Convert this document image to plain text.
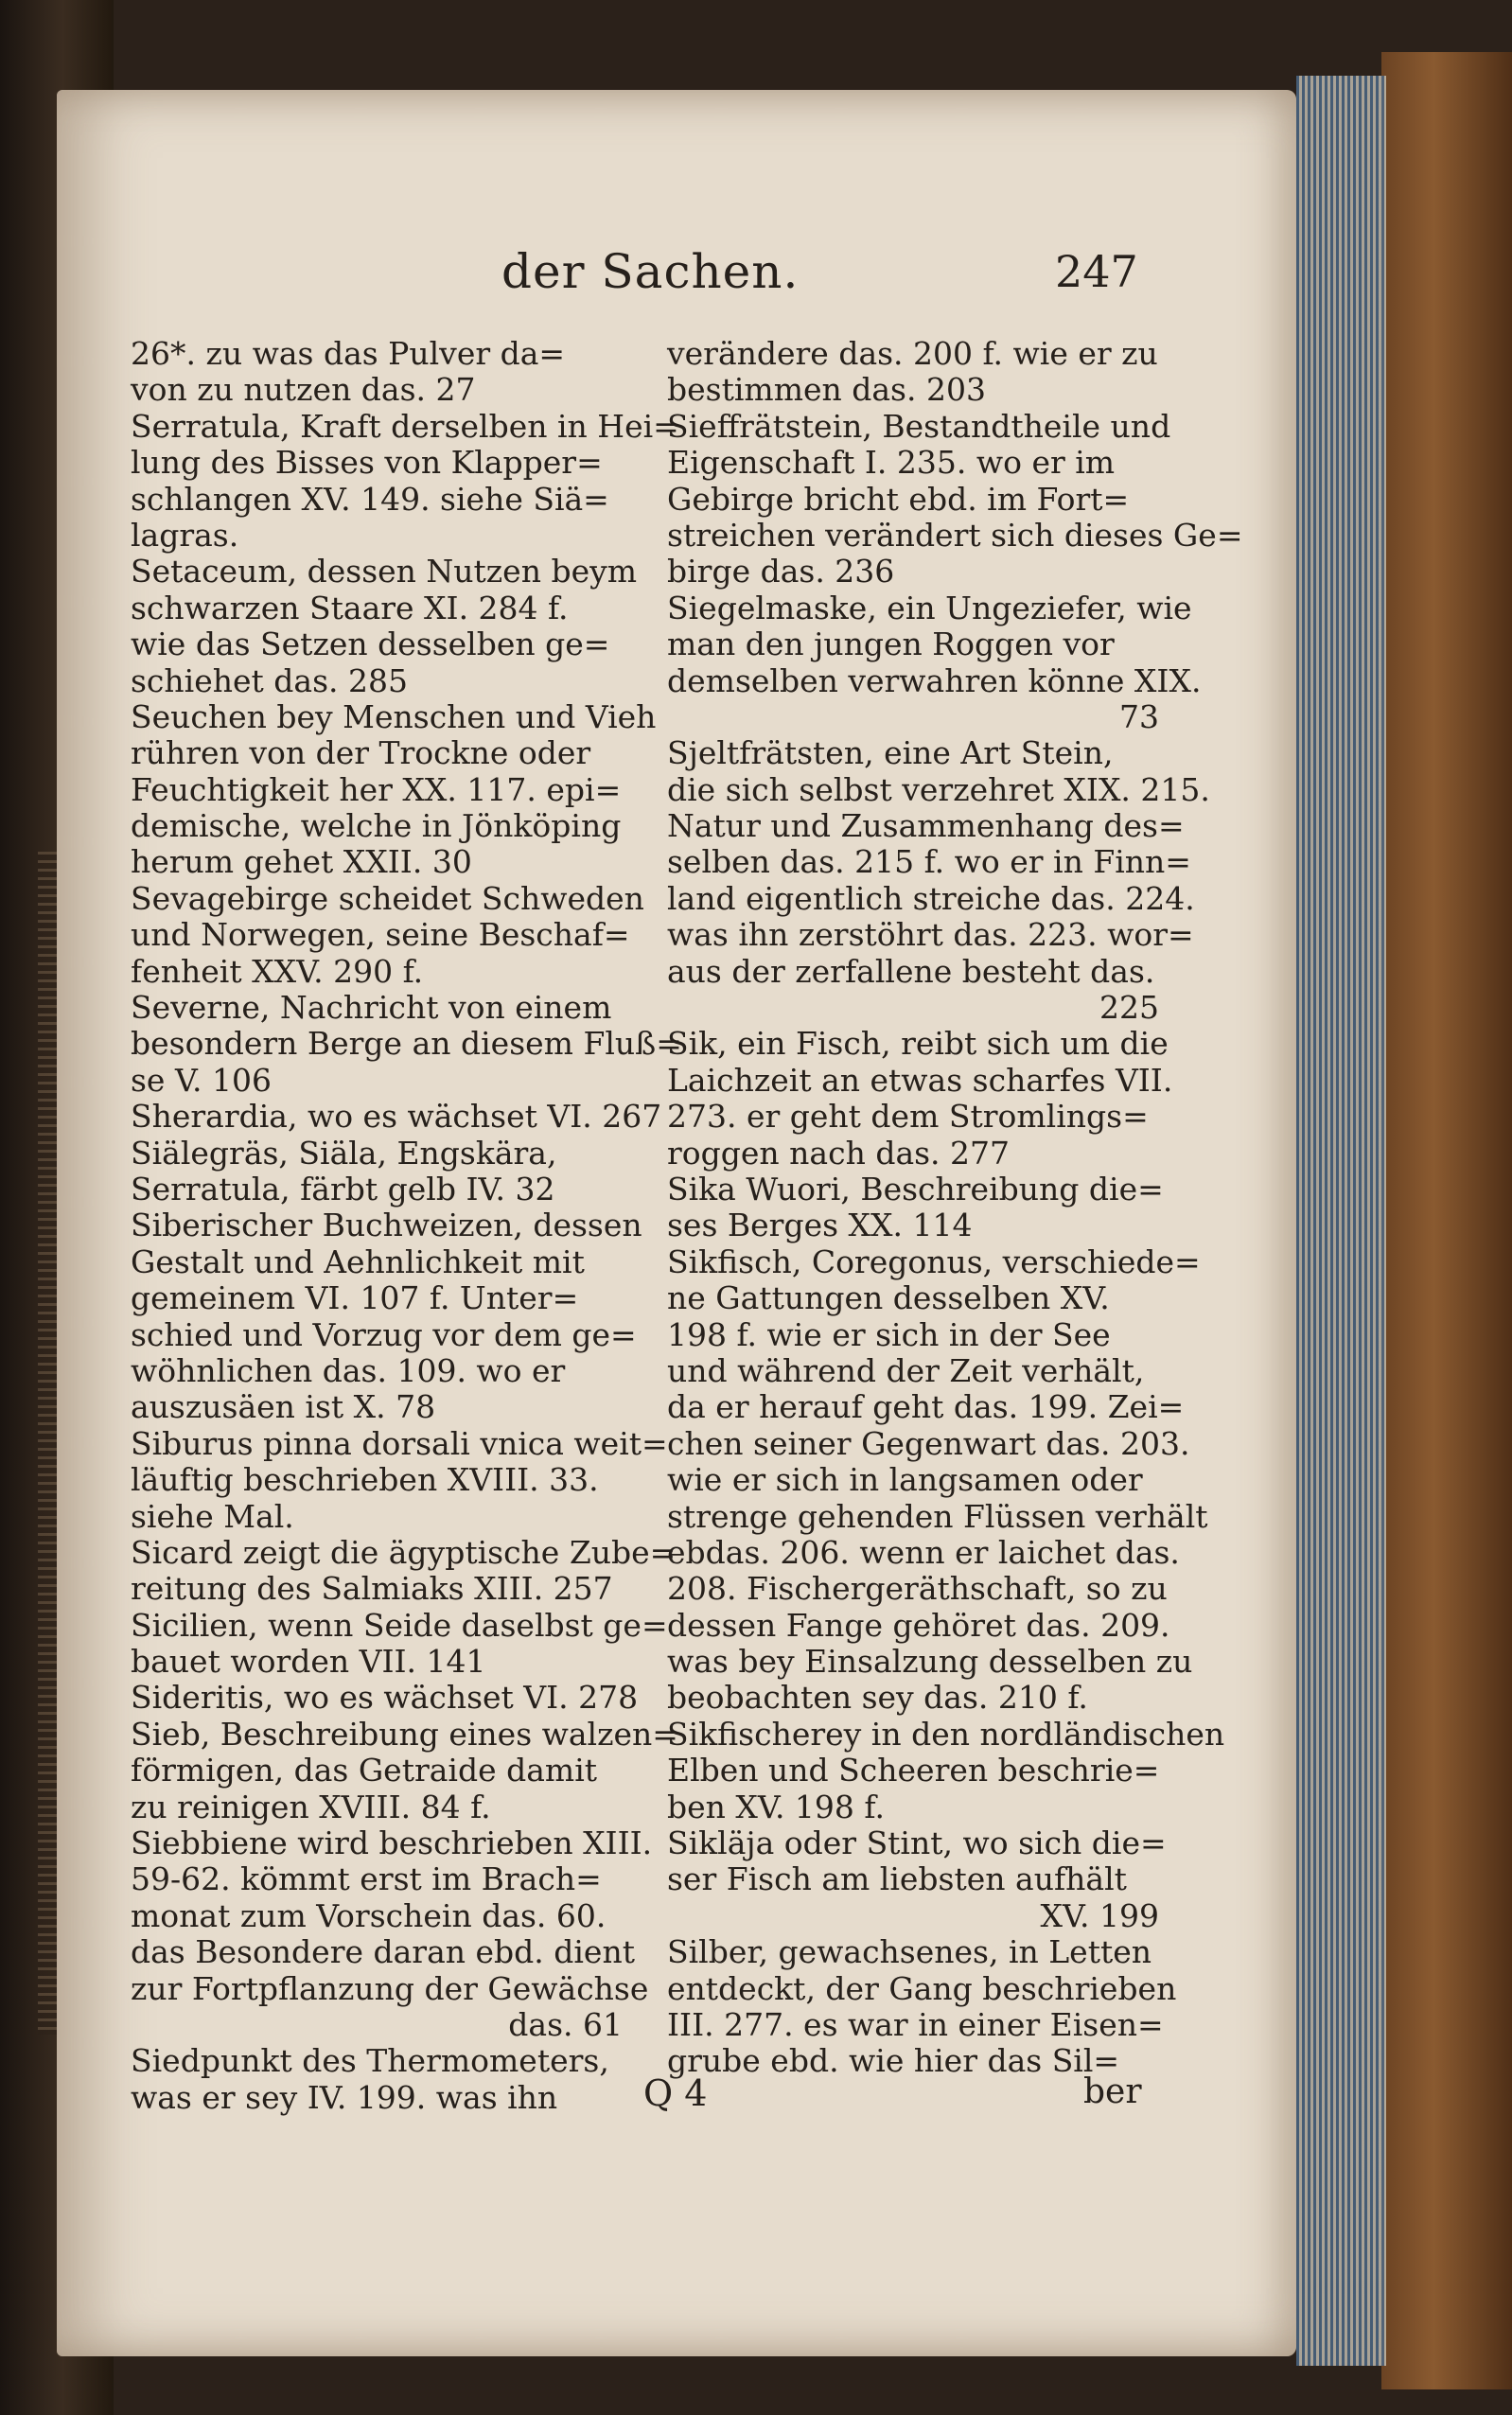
der Sachen.	247
26*. zu was das Pulver da=
von zu nutzen das. 27
Serratula, Kraft derselben in Hei=
lung des Bisses von Klapper=
schlangen XV. 149. siehe Siä=
lagras.
Setaceum, dessen Nutzen beym
schwarzen Staare XI. 284 f.
wie das Setzen desselben ge=
schiehet das. 285
Seuchen bey Menschen und Vieh
rühren von der Trockne oder
Feuchtigkeit her XX. 117. epi=
demische, welche in Jönköping
herum gehet XXII. 30
Sevagebirge scheidet Schweden
und Norwegen, seine Beschaf=
fenheit XXV. 290 f.
Severne, Nachricht von einem
besondern Berge an diesem Fluß=
se V. 106
Sherardia, wo es wächset VI. 267
Siälegräs, Siäla, Engskära,
Serratula, färbt gelb IV. 32
Siberischer Buchweizen, dessen
Gestalt und Aehnlichkeit mit
gemeinem VI. 107 f. Unter=
schied und Vorzug vor dem ge=
wöhnlichen das. 109. wo er
auszusäen ist X. 78
Siburus pinna dorsali vnica weit=
läuftig beschrieben XVIII. 33.
siehe Mal.
Sicard zeigt die ägyptische Zube=
reitung des Salmiaks XIII. 257
Sicilien, wenn Seide daselbst ge=
bauet worden VII. 141
Sideritis, wo es wächset VI. 278
Sieb, Beschreibung eines walzen=
förmigen, das Getraide damit
zu reinigen XVIII. 84 f.
Siebbiene wird beschrieben XIII.
59-62. kömmt erst im Brach=
monat zum Vorschein das. 60.
das Besondere daran ebd. dient
zur Fortpflanzung der Gewächse
das. 61
Siedpunkt des Thermometers,
was er sey IV. 199. was ihn
verändere das. 200 f. wie er zu
bestimmen das. 203
Sieffrätstein, Bestandtheile und
Eigenschaft I. 235. wo er im
Gebirge bricht ebd. im Fort=
streichen verändert sich dieses Ge=
birge das. 236
Siegelmaske, ein Ungeziefer, wie
man den jungen Roggen vor
demselben verwahren könne XIX.
73
Sjeltfrätsten, eine Art Stein,
die sich selbst verzehret XIX. 215.
Natur und Zusammenhang des=
selben das. 215 f. wo er in Finn=
land eigentlich streiche das. 224.
was ihn zerstöhrt das. 223. wor=
aus der zerfallene besteht das.
225
Sik, ein Fisch, reibt sich um die
Laichzeit an etwas scharfes VII.
273. er geht dem Stromlings=
roggen nach das. 277
Sika Wuori, Beschreibung die=
ses Berges XX. 114
Sikfisch, Coregonus, verschiede=
ne Gattungen desselben XV.
198 f. wie er sich in der See
und während der Zeit verhält,
da er herauf geht das. 199. Zei=
chen seiner Gegenwart das. 203.
wie er sich in langsamen oder
strenge gehenden Flüssen verhält
ebdas. 206. wenn er laichet das.
208. Fischergeräthschaft, so zu
dessen Fange gehöret das. 209.
was bey Einsalzung desselben zu
beobachten sey das. 210 f.
Sikfischerey in den nordländischen
Elben und Scheeren beschrie=
ben XV. 198 f.
Sikläja oder Stint, wo sich die=
ser Fisch am liebsten aufhält
XV. 199
Silber, gewachsenes, in Letten
entdeckt, der Gang beschrieben
III. 277. es war in einer Eisen=
grube ebd. wie hier das Sil=
Q 4	ber
